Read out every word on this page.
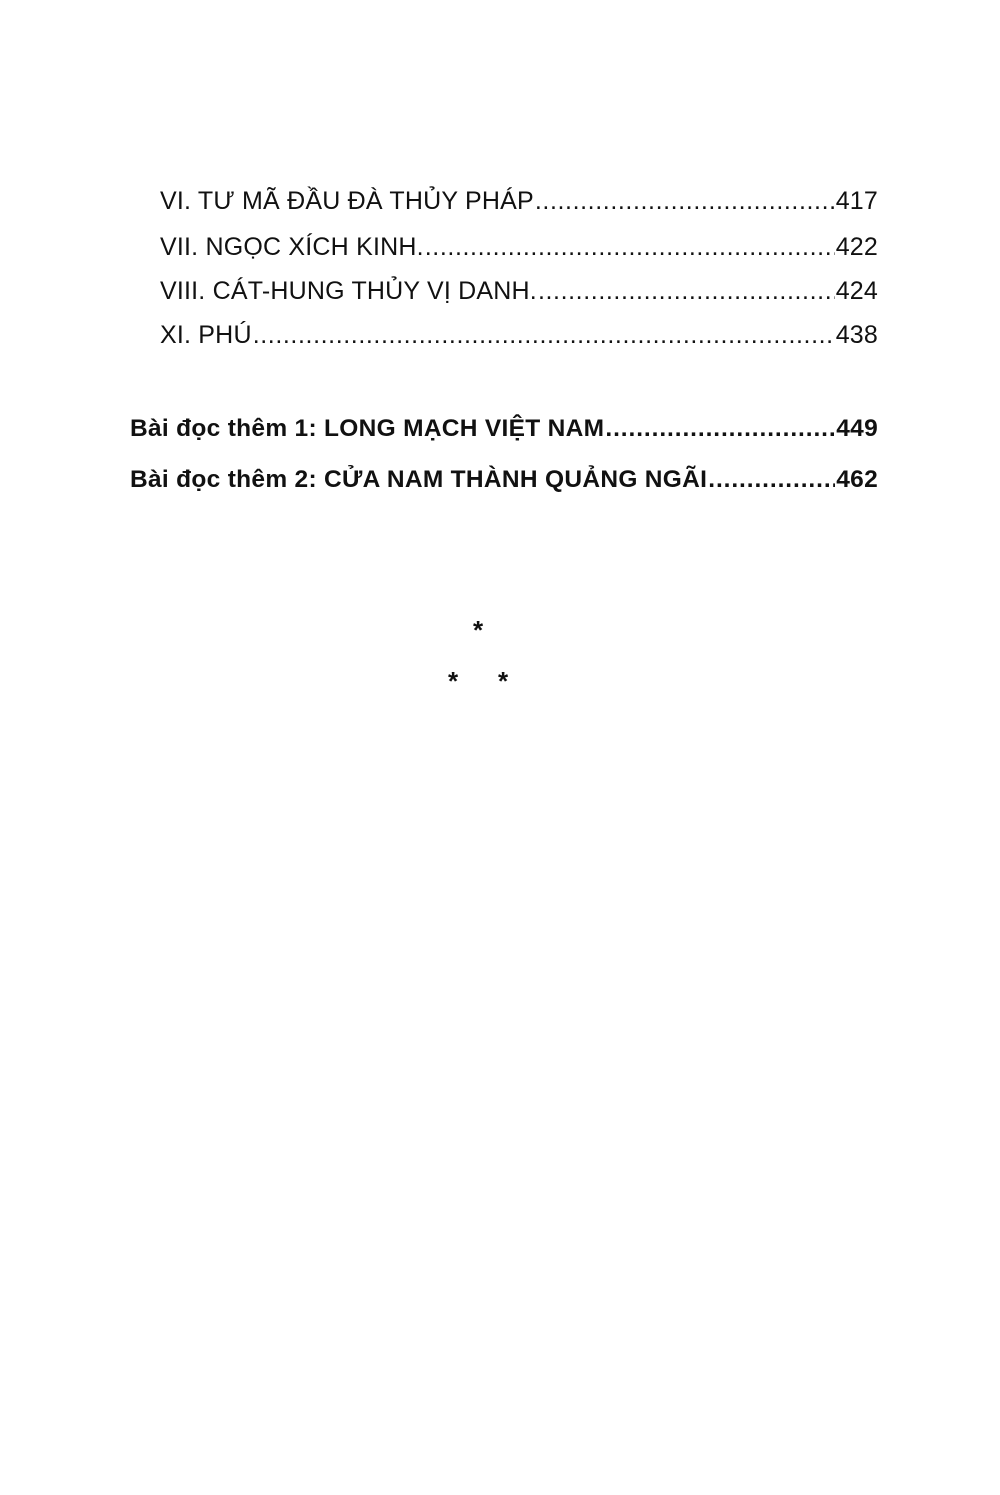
VI. TƯ MÃ ĐẦU ĐÀ THỦY PHÁP .....	417
VII. NGỌC XÍCH KINH. .....	422
VIII. CÁT-HUNG THỦY VỊ DANH. .....	424
XI. PHÚ .....	438
Bài đọc thêm 1: LONG MẠCH VIỆT NAM .....	449
Bài đọc thêm 2: CỬA NAM THÀNH QUẢNG NGÃI .....	462
*
* *
